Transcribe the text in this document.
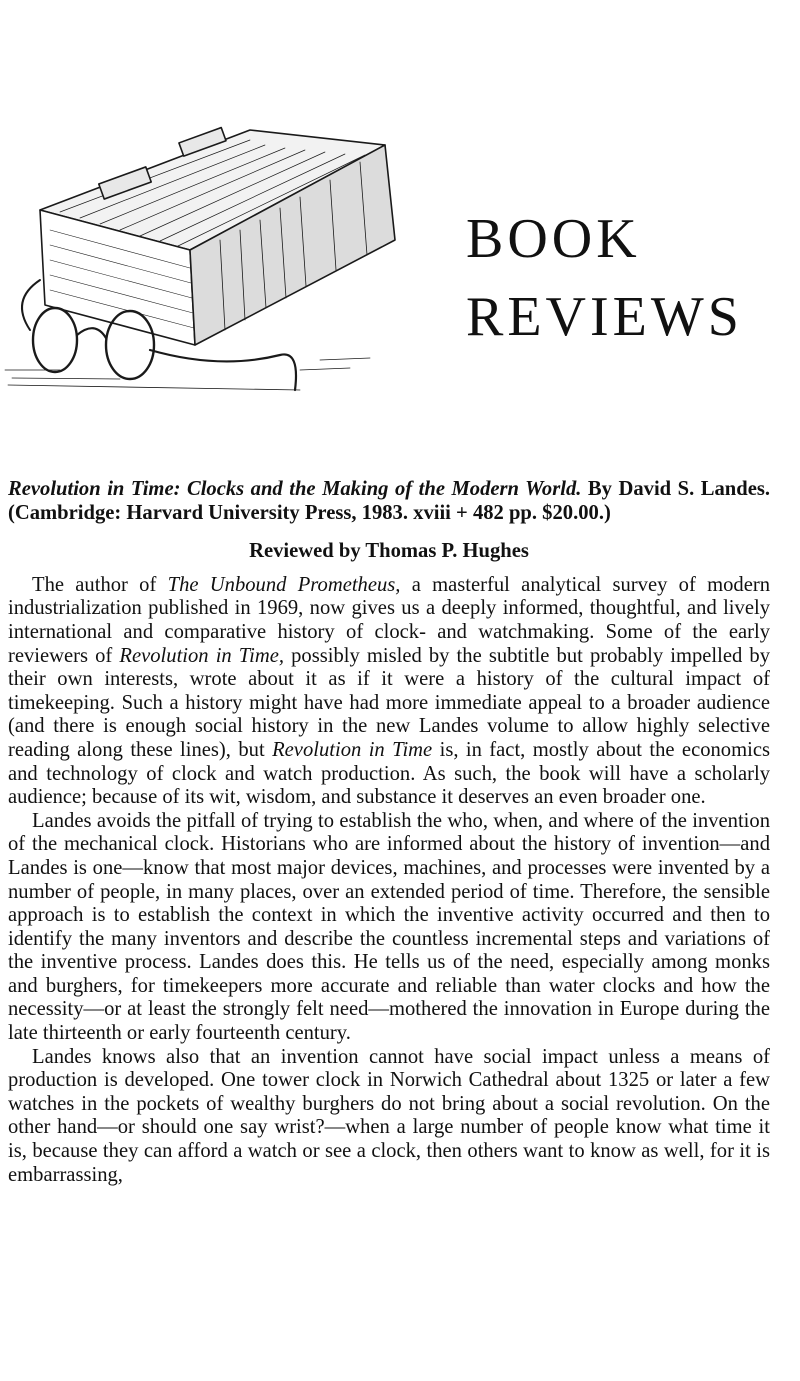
BOOK
REVIEWS

Revolution in Time: Clocks and the Making of the Modern World. By David S. Landes. (Cambridge: Harvard University Press, 1983. xviii + 482 pp. $20.00.)

Reviewed by Thomas P. Hughes

The author of The Unbound Prometheus, a masterful analytical survey of modern industrialization published in 1969, now gives us a deeply informed, thoughtful, and lively international and comparative history of clock- and watchmaking. Some of the early reviewers of Revolution in Time, possibly misled by the subtitle but probably impelled by their own interests, wrote about it as if it were a history of the cultural impact of timekeeping. Such a history might have had more immediate appeal to a broader audience (and there is enough social history in the new Landes volume to allow highly selective reading along these lines), but Revolution in Time is, in fact, mostly about the economics and technology of clock and watch production. As such, the book will have a scholarly audience; because of its wit, wisdom, and substance it deserves an even broader one.

Landes avoids the pitfall of trying to establish the who, when, and where of the invention of the mechanical clock. Historians who are informed about the history of invention—and Landes is one—know that most major devices, machines, and processes were invented by a number of people, in many places, over an extended period of time. Therefore, the sensible approach is to establish the context in which the inventive activity occurred and then to identify the many inventors and describe the countless incremental steps and variations of the inventive process. Landes does this. He tells us of the need, especially among monks and burghers, for timekeepers more accurate and reliable than water clocks and how the necessity—or at least the strongly felt need—mothered the innovation in Europe during the late thirteenth or early fourteenth century.

Landes knows also that an invention cannot have social impact unless a means of production is developed. One tower clock in Norwich Cathedral about 1325 or later a few watches in the pockets of wealthy burghers do not bring about a social revolution. On the other hand—or should one say wrist?—when a large number of people know what time it is, because they can afford a watch or see a clock, then others want to know as well, for it is embarrassing,
